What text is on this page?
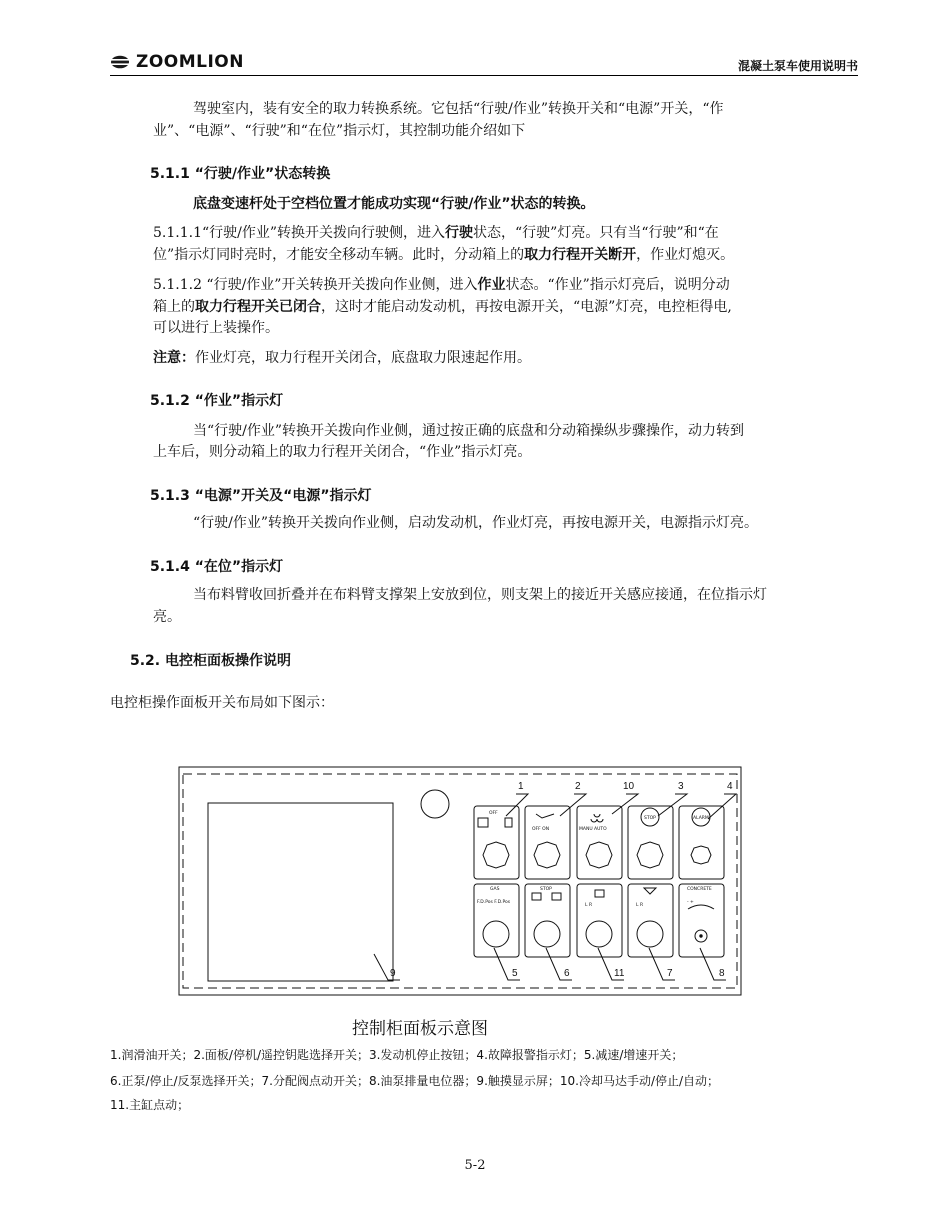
ZOOMLION	混凝土泵车使用说明书
驾驶室内，装有安全的取力转换系统。它包括“行驶/作业”转换开关和“电源”开关，“作
业”、“电源”、“行驶”和“在位”指示灯，其控制功能介绍如下
5.1.1 “行驶/作业”状态转换
底盘变速杆处于空档位置才能成功实现“行驶/作业”状态的转换。
5.1.1.1“行驶/作业”转换开关拨向行驶侧，进入行驶状态，“行驶”灯亮。只有当“行驶”和“在
位”指示灯同时亮时，才能安全移动车辆。此时，分动箱上的取力行程开关断开，作业灯熄灭。
5.1.1.2 “行驶/作业”开关转换开关拨向作业侧，进入作业状态。“作业”指示灯亮后，说明分动
箱上的取力行程开关已闭合，这时才能启动发动机，再按电源开关，“电源”灯亮，电控柜得电,
可以进行上装操作。
注意：作业灯亮，取力行程开关闭合，底盘取力限速起作用。
5.1.2 “作业”指示灯
当“行驶/作业”转换开关拨向作业侧，通过按正确的底盘和分动箱操纵步骤操作，动力转到
上车后，则分动箱上的取力行程开关闭合，“作业”指示灯亮。
5.1.3 “电源”开关及“电源”指示灯
“行驶/作业”转换开关拨向作业侧，启动发动机，作业灯亮，再按电源开关，电源指示灯亮。
5.1.4 “在位”指示灯
当布料臂收回折叠并在布料臂支撑架上安放到位，则支架上的接近开关感应接通，在位指示灯
亮。
5.2. 电控柜面板操作说明
电控柜操作面板开关布局如下图示：
1	2	10	3	4
9	5	6	11	7	8
OFF
OFF ON	MANU AUTO
STOP	ALARM
GAS
F.D.Pos F.D.Pos
STOP
L R	L R
CONCRETE
- +
控制柜面板示意图
1.润滑油开关；2.面板/停机/遥控钥匙选择开关；3.发动机停止按钮；4.故障报警指示灯；5.减速/增速开关；
6.正泵/停止/反泵选择开关；7.分配阀点动开关；8.油泵排量电位器；9.触摸显示屏；10.冷却马达手动/停止/自动；
11.主缸点动；
5-2
